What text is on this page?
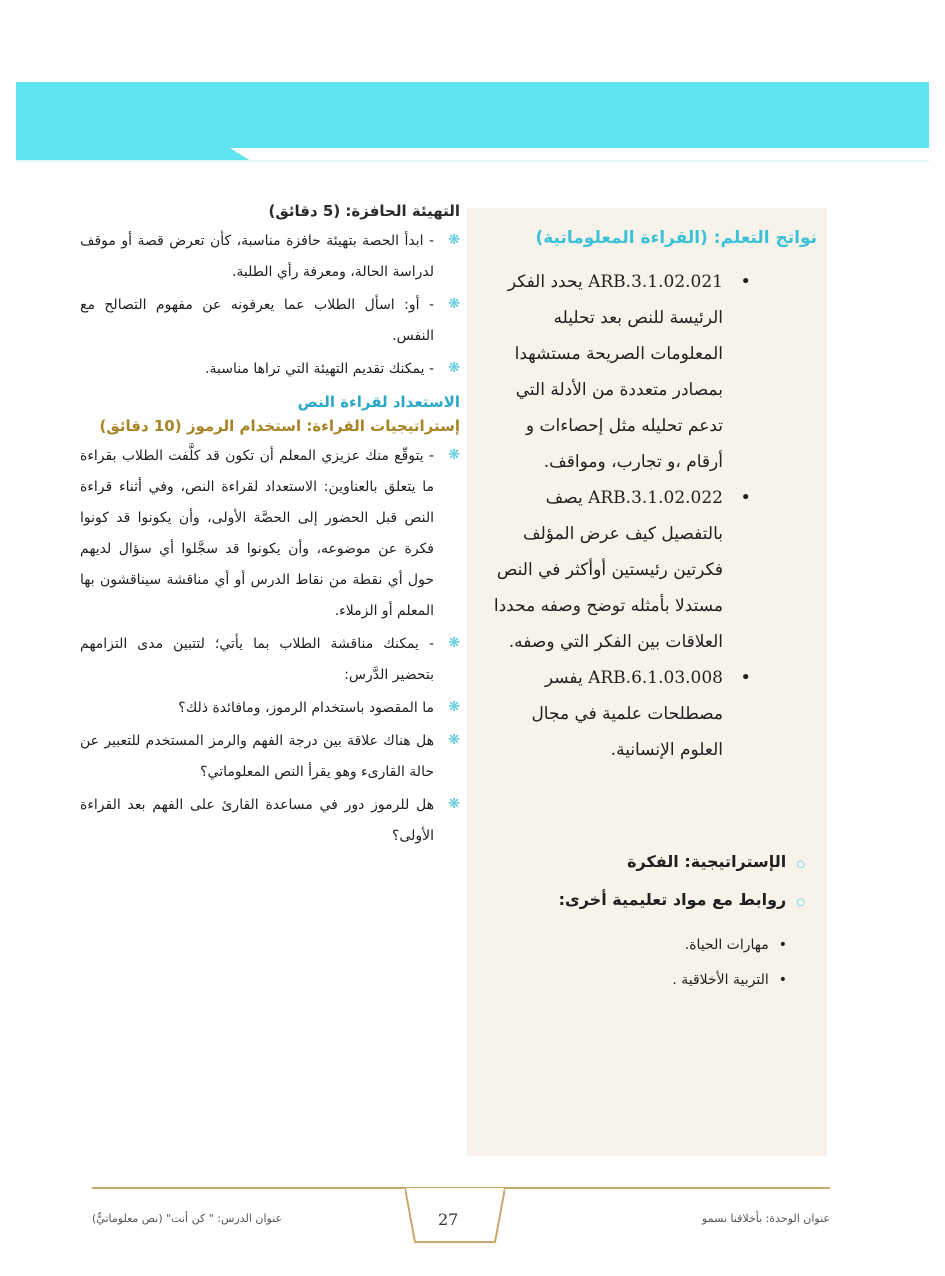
نواتج التعلم: (القراءة المعلوماتية)
•
ARB.3.1.02.021 يحدد الفكر الرئيسة للنص بعد تحليله المعلومات الصريحة مستشهدا بمصادر متعددة من الأدلة التي تدعم تحليله مثل إحصاءات و أرقام ،و تجارب، ومواقف.
•
ARB.3.1.02.022 يصف بالتفصيل كيف عرض المؤلف فكرتين رئيستين أوأكثر في النص مستدلا بأمثله توضح وصفه محددا العلاقات بين الفكر التي وصفه.
•
ARB.6.1.03.008 يفسر مصطلحات علمية في مجال العلوم الإنسانية.
○الإستراتيجية: الفكرة
○روابط مع مواد تعليمية أخرى:
• مهارات الحياة.
• التربية الأخلاقية .
التهيئة الحافزة: (5 دقائق)
❋
- ابدأ الحصة بتهيئة حافزة مناسبة، كأن تعرض قصة أو موقف لدراسة الحالة، ومعرفة رأي الطلبة.
❋
- أو: اسأل الطلاب عما يعرفونه عن مفهوم التصالح مع النفس.
❋
- يمكنك تقديم التهيئة التي تراها مناسبة.
الاستعداد لقراءة النص
إستراتيجيات القراءة: استخدام الرموز (10 دقائق)
❋
- يتوقّع منك عزيزي المعلم أن تكون قد كلَّفت الطلاب بقراءة ما يتعلق بالعناوين: الاستعداد لقراءة النص، وفي أثناء قراءة النص قبل الحضور إلى الحصَّة الأولى، وأن يكونوا قد كونوا فكرة عن موضوعه، وأن يكونوا قد سجَّلوا أي سؤال لديهم حول أي نقطة من نقاط الدرس أو أي مناقشة سيناقشون بها المعلم أو الزملاء.
❋
- يمكنك مناقشة الطلاب بما يأتي؛ لتتبين مدى التزامهم بتحضير الدَّرس:
❋
ما المقصود باستخدام الرموز، ومافائدة ذلك؟
❋
هل هناك علاقة بين درجة الفهم والرمز المستخدم للتعبير عن حالة القارىء وهو يقرأ النص المعلوماتي؟
❋
هل للرموز دور في مساعدة القارئ على الفهم بعد القراءة الأولى؟
27
عنوان الدرس: " كن أنت" (نص معلوماتيٌّ)	عنوان الوحدة: بأخلاقنا نسمو
